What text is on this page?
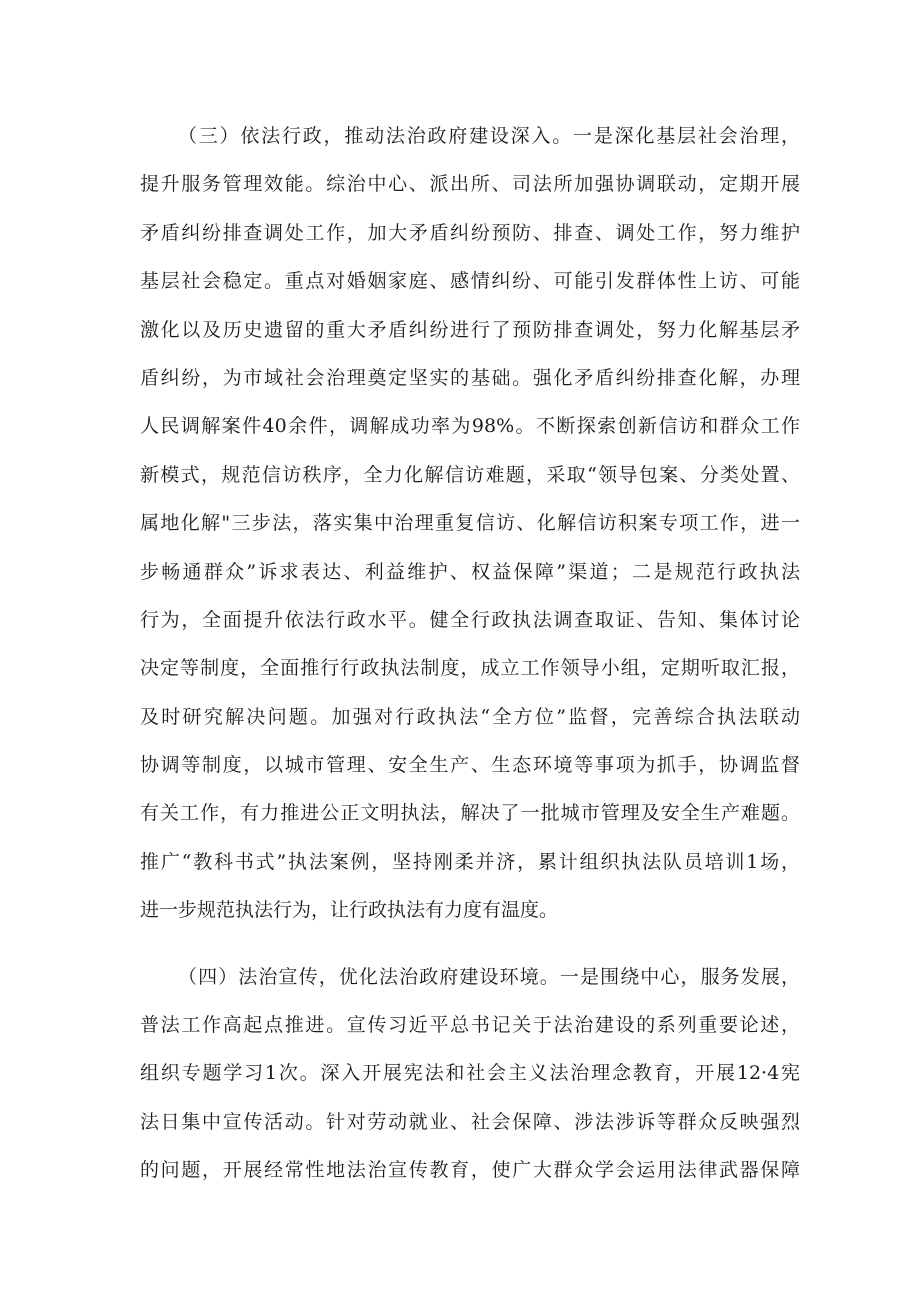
（三）依法行政，推动法治政府建设深入。一是深化基层社会治理，
提升服务管理效能。综治中心、派出所、司法所加强协调联动，定期开展
矛盾纠纷排查调处工作，加大矛盾纠纷预防、排查、调处工作，努力维护
基层社会稳定。重点对婚姻家庭、感情纠纷、可能引发群体性上访、可能
激化以及历史遗留的重大矛盾纠纷进行了预防排查调处，努力化解基层矛
盾纠纷，为市域社会治理奠定坚实的基础。强化矛盾纠纷排查化解，办理
人民调解案件40余件，调解成功率为98%。不断探索创新信访和群众工作
新模式，规范信访秩序，全力化解信访难题，采取“领导包案、分类处置、
属地化解"三步法，落实集中治理重复信访、化解信访积案专项工作，进一
步畅通群众”诉求表达、利益维护、权益保障”渠道；二是规范行政执法
行为，全面提升依法行政水平。健全行政执法调查取证、告知、集体讨论
决定等制度，全面推行行政执法制度，成立工作领导小组，定期听取汇报，
及时研究解决问题。加强对行政执法“全方位”监督，完善综合执法联动
协调等制度，以城市管理、安全生产、生态环境等事项为抓手，协调监督
有关工作，有力推进公正文明执法，解决了一批城市管理及安全生产难题。
推广“教科书式”执法案例，坚持刚柔并济，累计组织执法队员培训1场，
进一步规范执法行为，让行政执法有力度有温度。
（四）法治宣传，优化法治政府建设环境。一是围绕中心，服务发展，
普法工作高起点推进。宣传习近平总书记关于法治建设的系列重要论述，
组织专题学习1次。深入开展宪法和社会主义法治理念教育，开展12·4宪
法日集中宣传活动。针对劳动就业、社会保障、涉法涉诉等群众反映强烈
的问题，开展经常性地法治宣传教育，使广大群众学会运用法律武器保障
